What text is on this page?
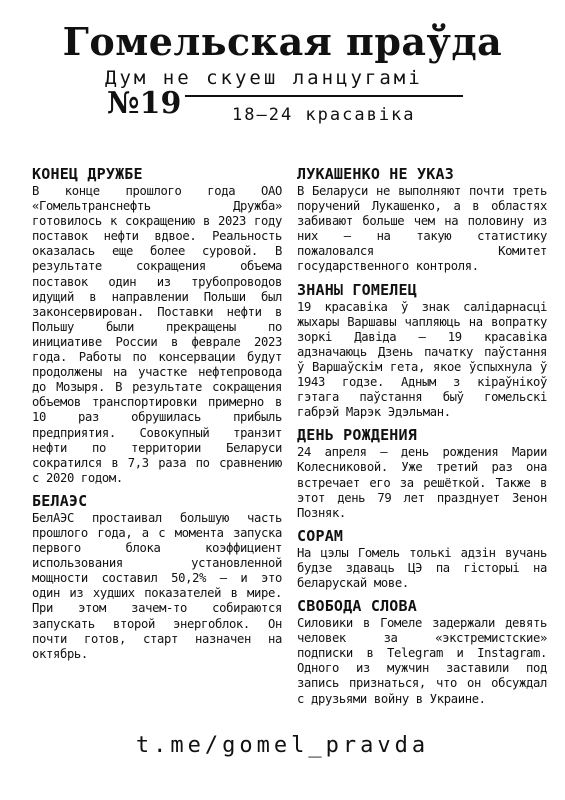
Гомельская праўда
Дум не скуеш ланцугамі
№19	18—24 красавіка
КОНЕЦ ДРУЖБЕ

В конце прошлого года ОАО «Гомельтранснефть Дружба» готовилось к сокращению в 2023 году поставок нефти вдвое. Реальность оказалась еще более суровой. В результате сокращения объема поставок один из трубопроводов идущий в направлении Польши был законсервирован. Поставки нефти в Польшу были прекращены по инициативе России в феврале 2023 года. Работы по консервации будут продолжены на участке нефтепровода до Мозыря. В результате сокращения объемов транспортировки примерно в 10 раз обрушилась прибыль предприятия. Совокупный транзит нефти по территории Беларуси сократился в 7,3 раза по сравнению с 2020 годом.

БЕЛАЭС

БелАЭС простаивал большую часть прошлого года, а с момента запуска первого блока коэффициент использования установленной мощности составил 50,2% — и это один из худших показателей в мире. При этом зачем-то собираются запускать второй энергоблок. Он почти готов, старт назначен на октябрь.

ЛУКАШЕНКО НЕ УКАЗ

В Беларуси не выполняют почти треть поручений Лукашенко, а в областях забивают больше чем на половину из них — на такую статистику пожаловался Комитет государственного контроля.

ЗНАНЫ ГОМЕЛЕЦ

19 красавіка ў знак салідарнасці жыхары Варшавы чапляюць на вопратку зоркі Давіда — 19 красавіка адзначаюць Дзень пачатку паўстання ў Варшаўскім гета, якое ўспыхнула ў 1943 годзе. Адным з кіраўнікоў гэтага паўстання быў гомельскі габрэй Марэк Эдэльман.

ДЕНЬ РОЖДЕНИЯ

24 апреля — день рождения Марии Колесниковой. Уже третий раз она встречает его за решёткой. Также в этот день 79 лет празднует Зенон Позняк.

СОРАМ

На цэлы Гомель толькі адзін вучань будзе здаваць ЦЭ па гісторыі на беларускай мове.

СВОБОДА СЛОВА

Силовики в Гомеле задержали девять человек за «экстремистские» подписки в Telegram и Instagram. Одного из мужчин заставили под запись признаться, что он обсуждал с друзьями войну в Украине.

t.me/gomel_pravda
